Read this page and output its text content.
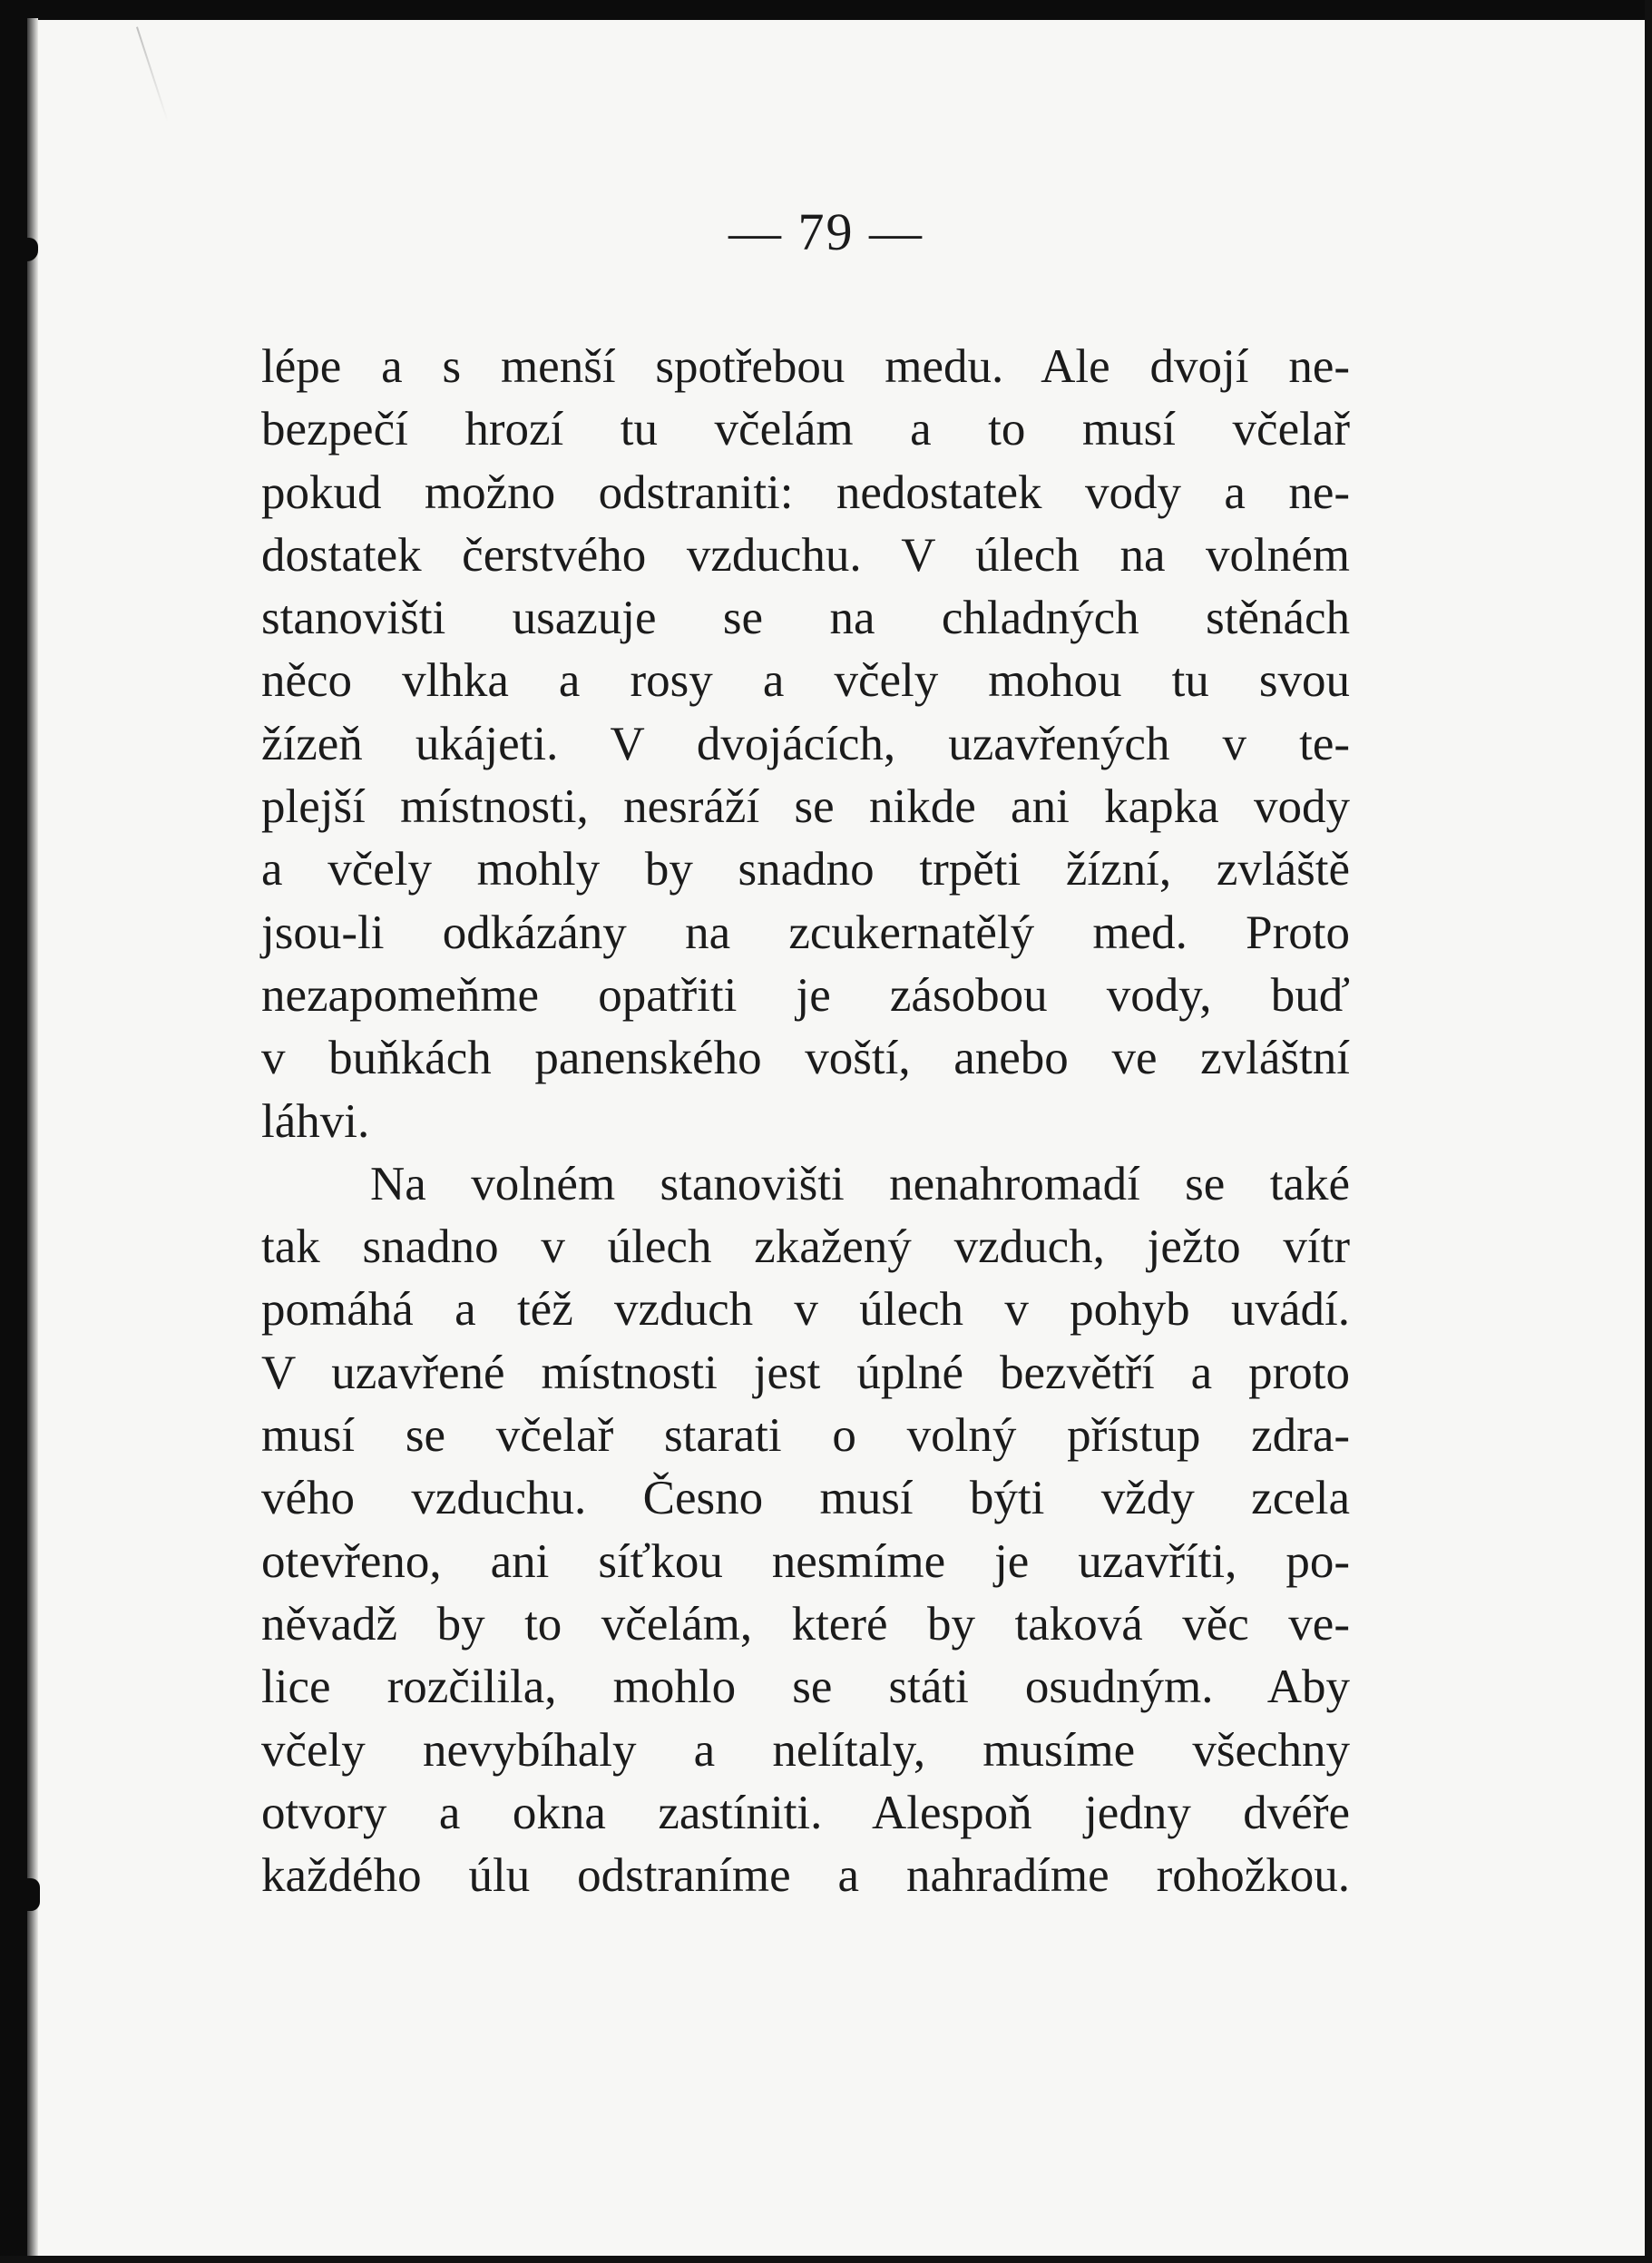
— 79 —
lépe a s menší spotřebou medu. Ale dvojí ne-
bezpečí hrozí tu včelám a to musí včelař
pokud možno odstraniti: nedostatek vody a ne-
dostatek čerstvého vzduchu. V úlech na volném
stanovišti usazuje se na chladných stěnách
něco vlhka a rosy a včely mohou tu svou
žízeň ukájeti. V dvojácích, uzavřených v te-
plejší místnosti, nesráží se nikde ani kapka vody
a včely mohly by snadno trpěti žízní, zvláště
jsou-li odkázány na zcukernatělý med. Proto
nezapomeňme opatřiti je zásobou vody, buď
v buňkách panenského voští, anebo ve zvláštní
láhvi.
Na volném stanovišti nenahromadí se také
tak snadno v úlech zkažený vzduch, ježto vítr
pomáhá a též vzduch v úlech v pohyb uvádí.
V uzavřené místnosti jest úplné bezvětří a proto
musí se včelař starati o volný přístup zdra-
vého vzduchu. Česno musí býti vždy zcela
otevřeno, ani síťkou nesmíme je uzavříti, po-
něvadž by to včelám, které by taková věc ve-
lice rozčilila, mohlo se státi osudným. Aby
včely nevybíhaly a nelítaly, musíme všechny
otvory a okna zastíniti. Alespoň jedny dvéře
každého úlu odstraníme a nahradíme rohožkou.
